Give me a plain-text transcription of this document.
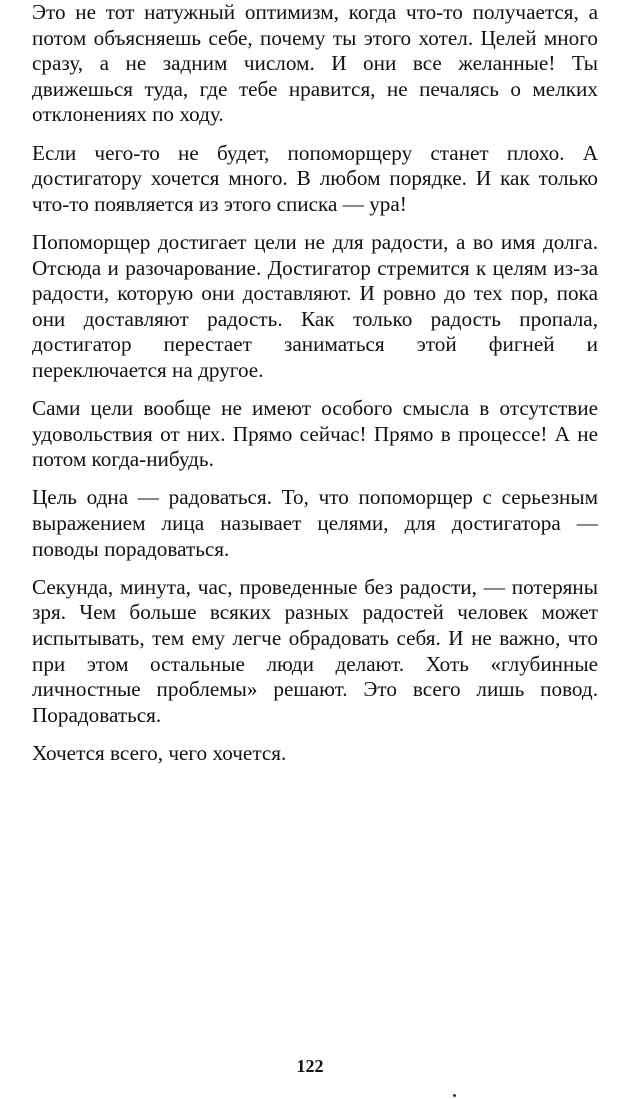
Это не тот натужный оптимизм, когда что-то получается, а потом объясняешь себе, почему ты этого хотел. Целей много сразу, а не задним числом. И они все желанные! Ты движешься туда, где тебе нравится, не печалясь о мелких отклонениях по ходу.

Если чего-то не будет, попоморщеру станет плохо. А достигатору хочется много. В любом порядке. И как только что-то появляется из этого списка — ура!

Попоморщер достигает цели не для радости, а во имя долга. Отсюда и разочарование. Достигатор стремится к целям из-за радости, которую они доставляют. И ровно до тех пор, пока они доставляют радость. Как только радость пропала, достигатор перестает заниматься этой фигней и переключается на другое.

Сами цели вообще не имеют особого смысла в отсутствие удовольствия от них. Прямо сейчас! Прямо в процессе! А не потом когда-нибудь.

Цель одна — радоваться. То, что попоморщер с серьезным выражением лица называет целями, для достигатора — поводы порадоваться.

Секунда, минута, час, проведенные без радости, — потеряны зря. Чем больше всяких разных радостей человек может испытывать, тем ему легче обрадовать себя. И не важно, что при этом остальные люди делают. Хоть «глубинные личностные проблемы» решают. Это всего лишь повод. Порадоваться.

Хочется всего, чего хочется.

122
